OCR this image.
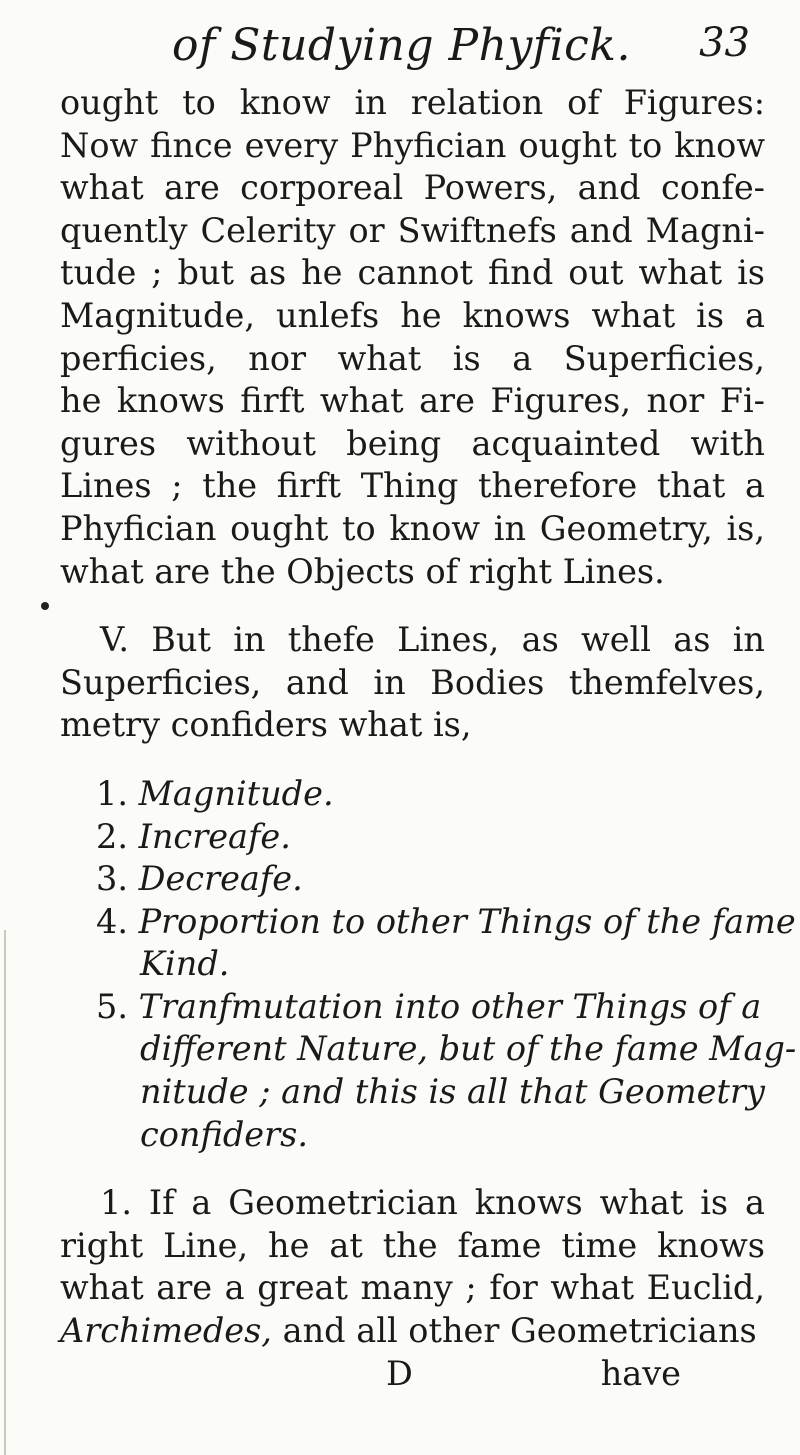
of Studying Phyfick. 33
ought to know in relation of Figures:
Now fince every Phyfician ought to know
what are corporeal Powers, and confe-
quently Celerity or Swiftnefs and Magni-
tude ; but as he cannot find out what is
Magnitude, unlefs he knows what is a
perficies, nor what is a Superficies,
he knows firft what are Figures, nor Fi-
gures without being acquainted with
Lines ; the firft Thing therefore that a
Phyfician ought to know in Geometry, is,
what are the Objects of right Lines.
V. But in thefe Lines, as well as in
Superficies, and in Bodies themfelves,
metry confiders what is,
1. Magnitude.
2. Increafe.
3. Decreafe.
4. Proportion to other Things of the fame
Kind.
5. Tranfmutation into other Things of a
different Nature, but of the fame Mag-
nitude ; and this is all that Geometry
confiders.
1. If a Geometrician knows what is a
right Line, he at the fame time knows
what are a great many ; for what Euclid,
Archimedes, and all other Geometricians
D	have
